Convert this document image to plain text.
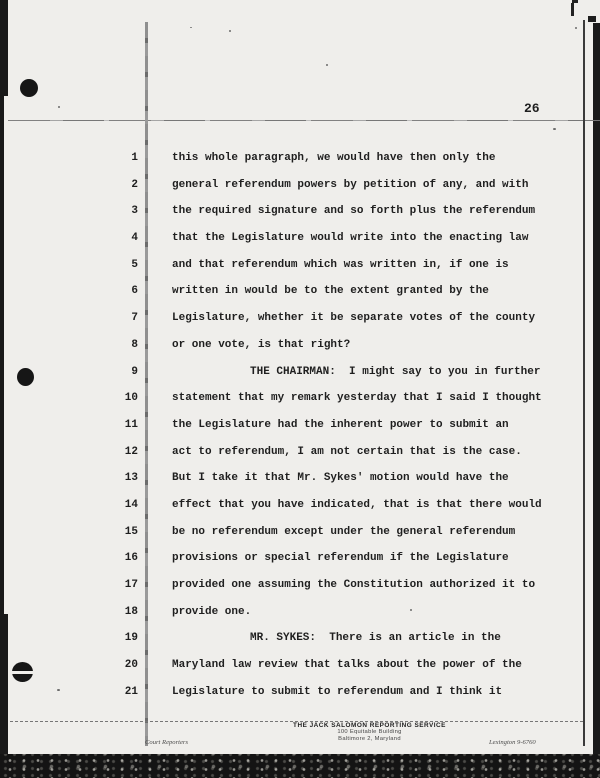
26
1	this whole paragraph, we would have then only the
2	general referendum powers by petition of any, and with
3	the required signature and so forth plus the referendum
4	that the Legislature would write into the enacting law
5	and that referendum which was written in, if one is
6	written in would be to the extent granted by the
7	Legislature, whether it be separate votes of the county
8	or one vote, is that right?
9	THE CHAIRMAN:  I might say to you in further
10	statement that my remark yesterday that I said I thought
11	the Legislature had the inherent power to submit an
12	act to referendum, I am not certain that is the case.
13	But I take it that Mr. Sykes' motion would have the
14	effect that you have indicated, that is that there would
15	be no referendum except under the general referendum
16	provisions or special referendum if the Legislature
17	provided one assuming the Constitution authorized it to
18	provide one.
19	MR. SYKES:  There is an article in the
20	Maryland law review that talks about the power of the
21	Legislature to submit to referendum and I think it
THE JACK SALOMON REPORTING SERVICE
100 Equitable Building
Baltimore 2, Maryland
Court Reporters	Lexington 9-6760
